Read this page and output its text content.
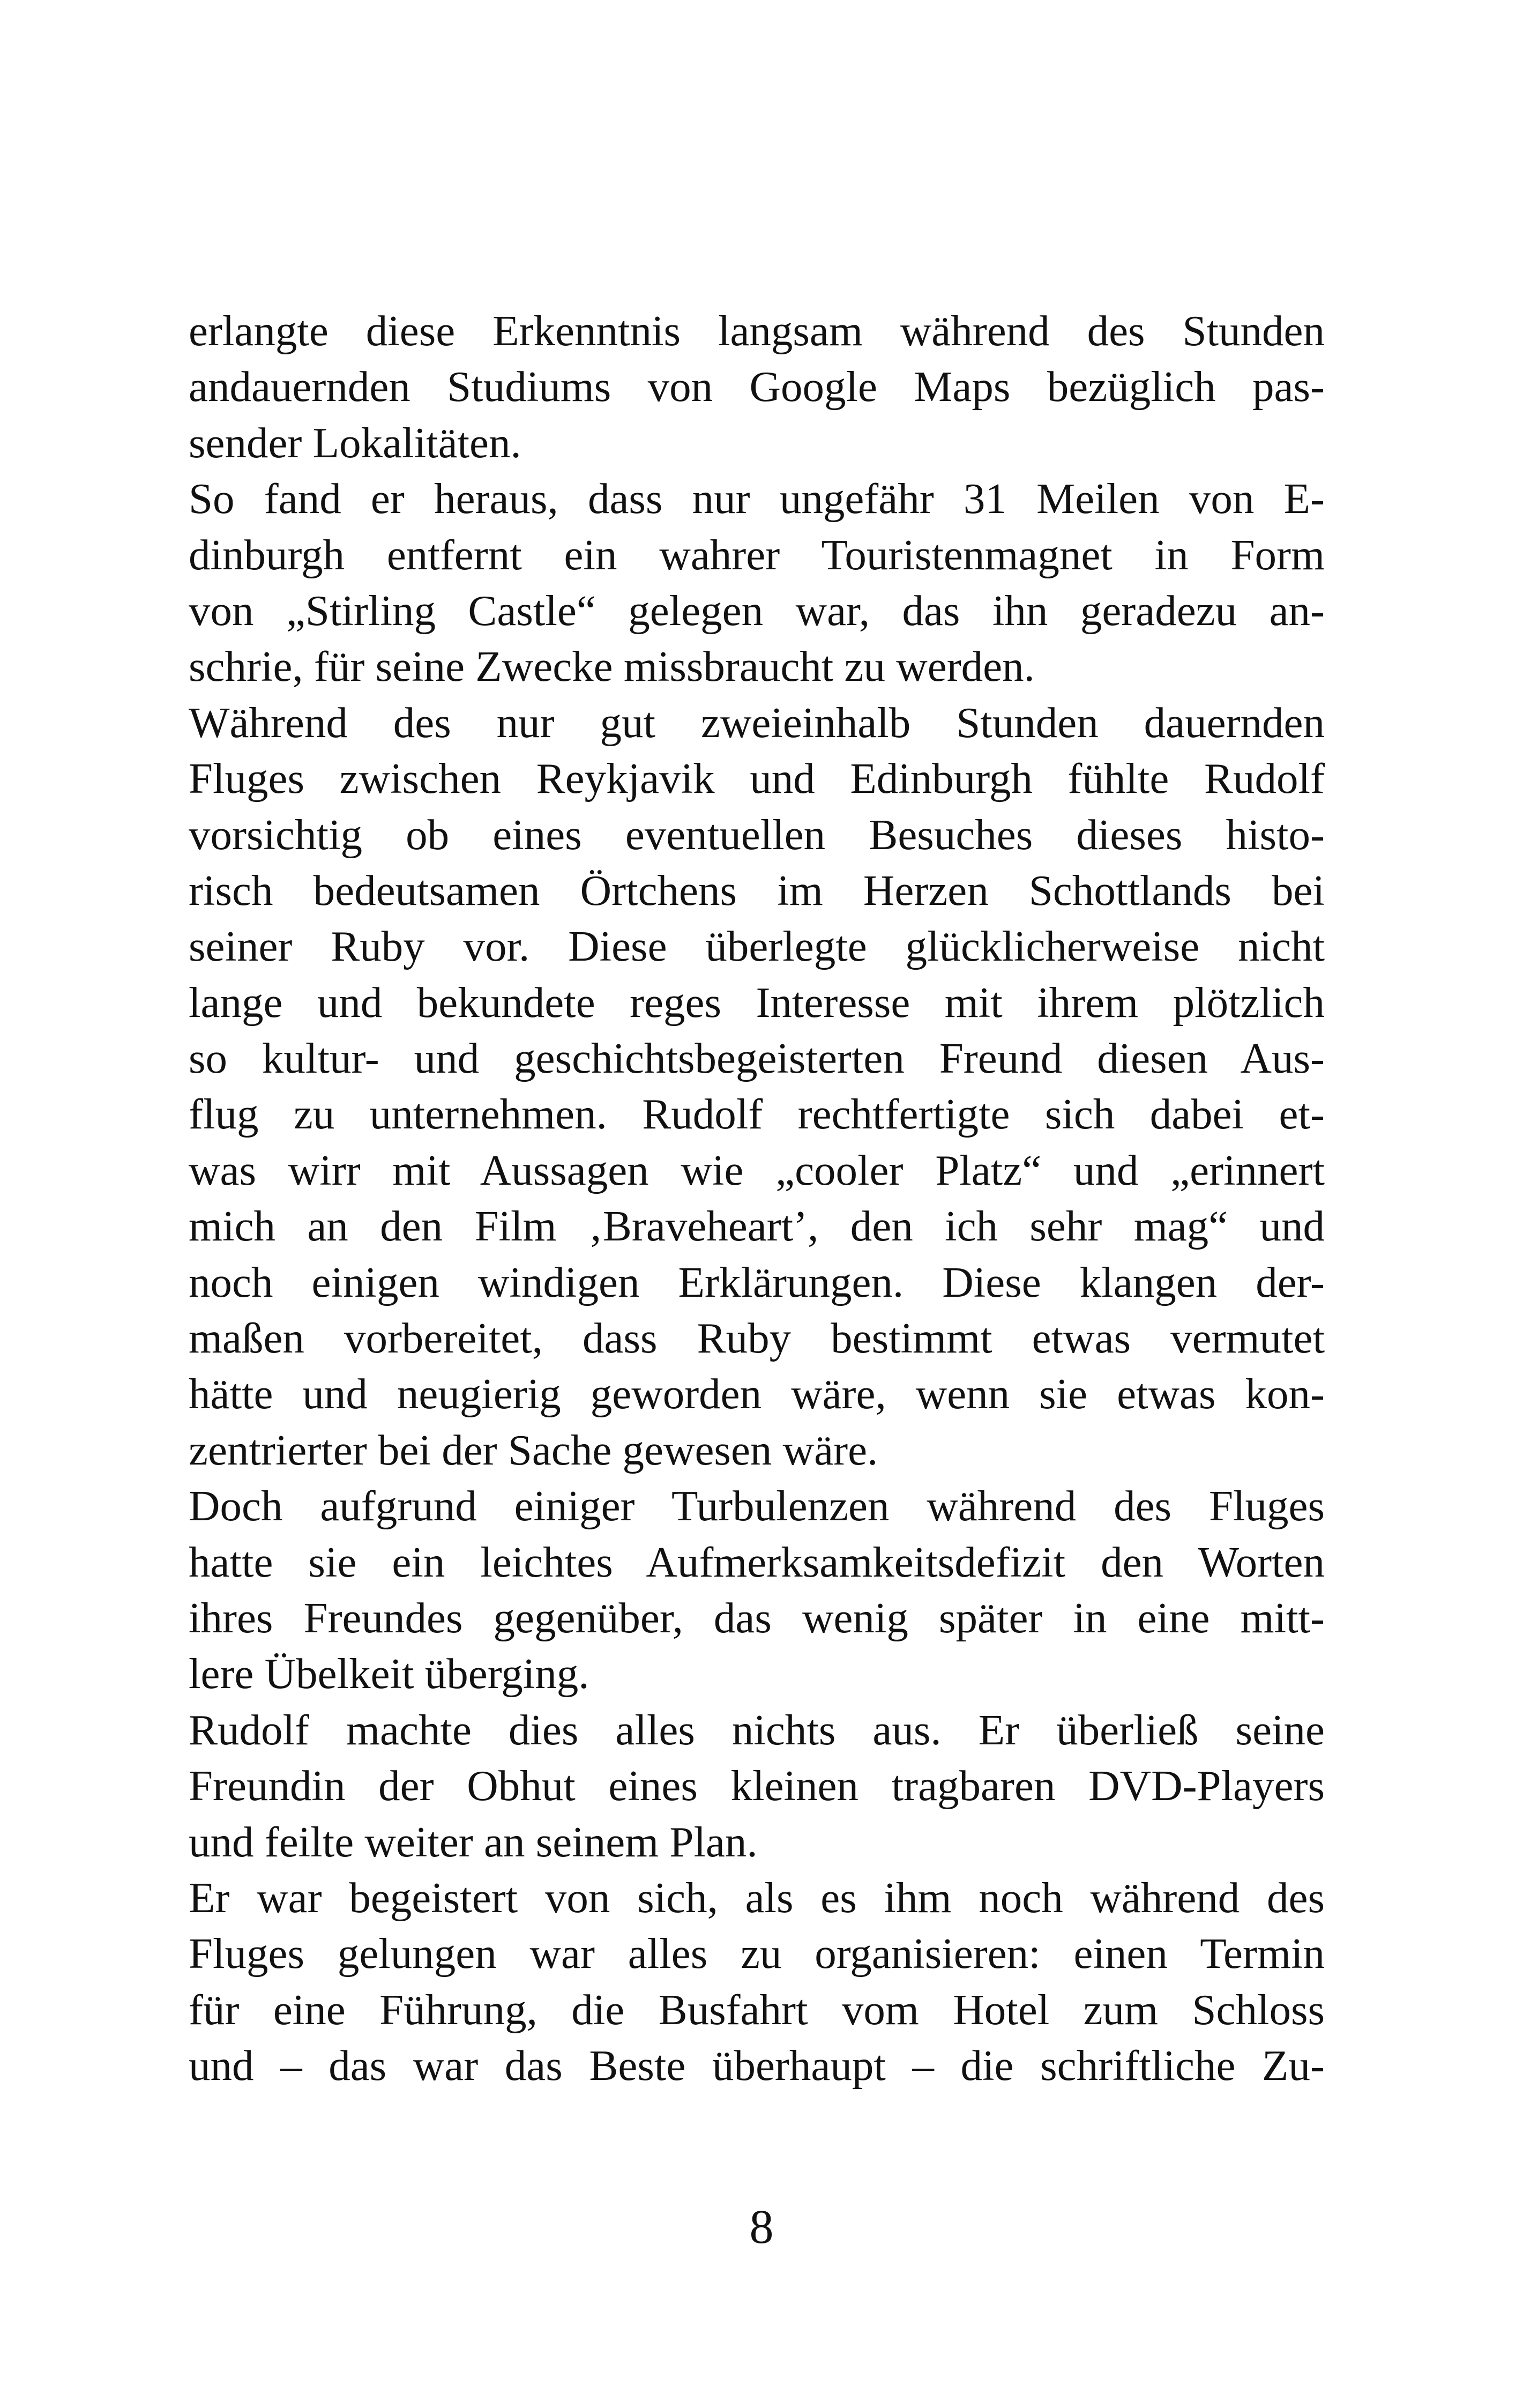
erlangte diese Erkenntnis langsam während des Stunden
andauernden Studiums von Google Maps bezüglich pas-
sender Lokalitäten.
So fand er heraus, dass nur ungefähr 31 Meilen von E-
dinburgh entfernt ein wahrer Touristenmagnet in Form
von „Stirling Castle“ gelegen war, das ihn geradezu an-
schrie, für seine Zwecke missbraucht zu werden.
Während des nur gut zweieinhalb Stunden dauernden
Fluges zwischen Reykjavik und Edinburgh fühlte Rudolf
vorsichtig ob eines eventuellen Besuches dieses histo-
risch bedeutsamen Örtchens im Herzen Schottlands bei
seiner Ruby vor. Diese überlegte glücklicherweise nicht
lange und bekundete reges Interesse mit ihrem plötzlich
so kultur- und geschichtsbegeisterten Freund diesen Aus-
flug zu unternehmen. Rudolf rechtfertigte sich dabei et-
was wirr mit Aussagen wie „cooler Platz“ und „erinnert
mich an den Film ‚Braveheart’, den ich sehr mag“ und
noch einigen windigen Erklärungen. Diese klangen der-
maßen vorbereitet, dass Ruby bestimmt etwas vermutet
hätte und neugierig geworden wäre, wenn sie etwas kon-
zentrierter bei der Sache gewesen wäre.
Doch aufgrund einiger Turbulenzen während des Fluges
hatte sie ein leichtes Aufmerksamkeitsdefizit den Worten
ihres Freundes gegenüber, das wenig später in eine mitt-
lere Übelkeit überging.
Rudolf machte dies alles nichts aus. Er überließ seine
Freundin der Obhut eines kleinen tragbaren DVD-Players
und feilte weiter an seinem Plan.
Er war begeistert von sich, als es ihm noch während des
Fluges gelungen war alles zu organisieren: einen Termin
für eine Führung, die Busfahrt vom Hotel zum Schloss
und – das war das Beste überhaupt – die schriftliche Zu-
8
